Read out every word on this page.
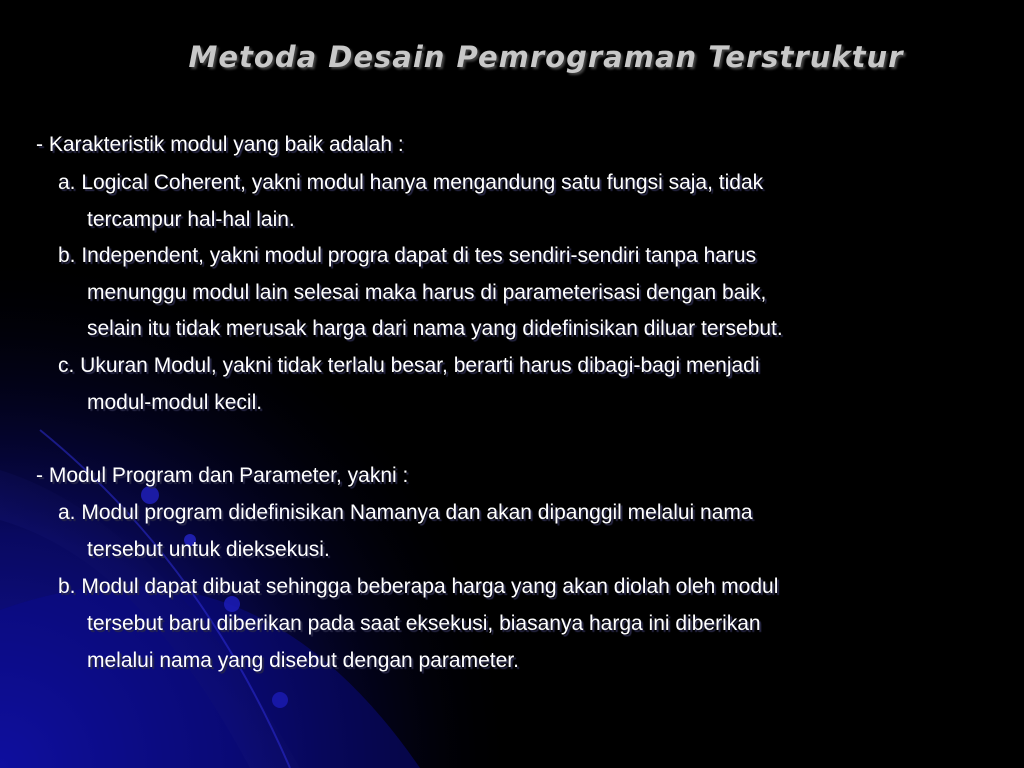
Metoda Desain Pemrograman Terstruktur
- Karakteristik modul yang baik adalah :
a. Logical Coherent, yakni modul hanya mengandung satu fungsi saja, tidak
tercampur hal-hal lain.
b. Independent, yakni modul progra dapat di tes sendiri-sendiri tanpa harus
menunggu modul lain selesai maka harus di parameterisasi dengan baik,
selain itu tidak merusak harga dari nama yang didefinisikan diluar tersebut.
c. Ukuran Modul, yakni tidak terlalu besar, berarti harus dibagi-bagi menjadi
modul-modul kecil.
- Modul Program dan Parameter, yakni :
a. Modul program didefinisikan Namanya dan akan dipanggil melalui nama
tersebut untuk dieksekusi.
b. Modul dapat dibuat sehingga beberapa harga yang akan diolah oleh modul
tersebut baru diberikan pada saat eksekusi, biasanya harga ini diberikan
melalui nama yang disebut dengan parameter.
